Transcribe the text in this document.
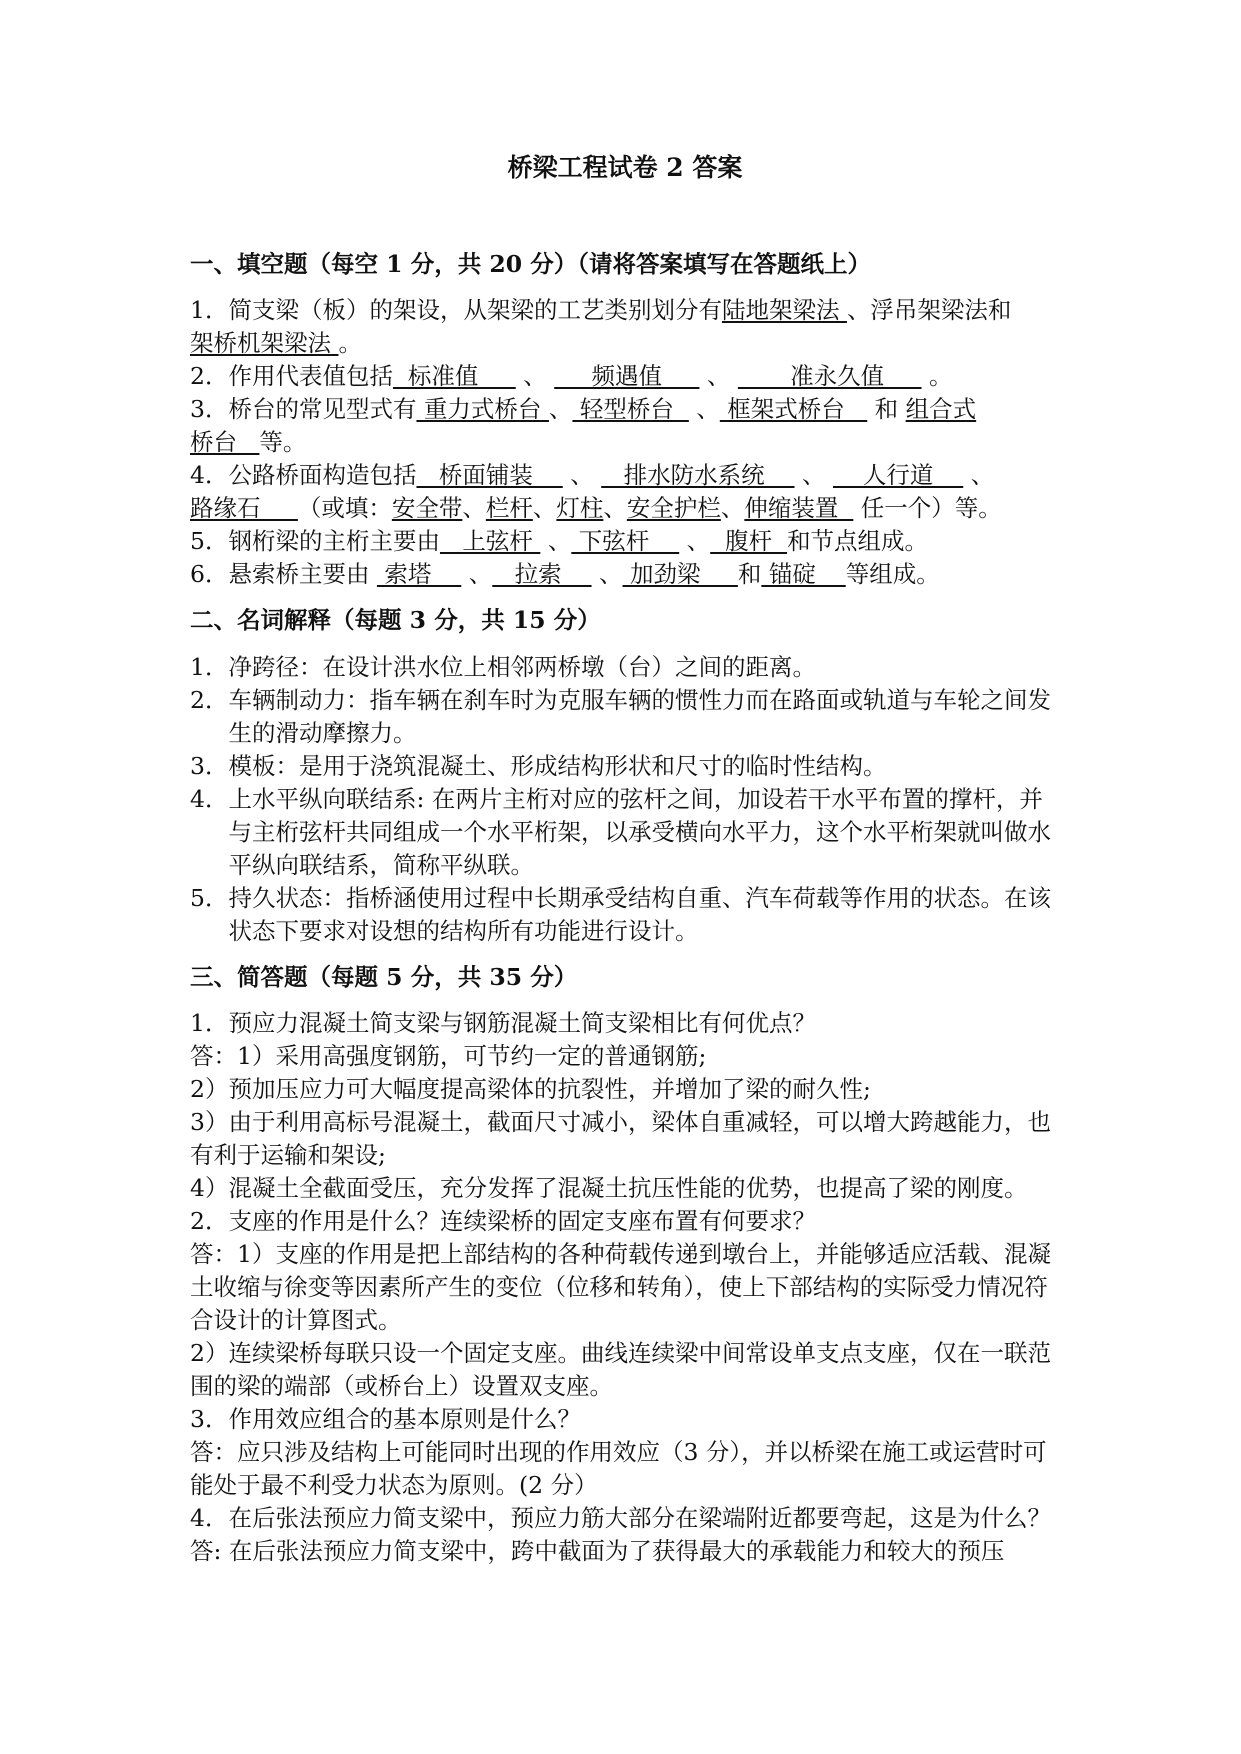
桥梁工程试卷 2 答案
一、填空题（每空 1 分，共 20 分）（请将答案填写在答题纸上）
1．简支梁（板）的架设，从架梁的工艺类别划分有陆地架梁法 、浮吊架梁法和
架桥机架梁法 。
2．作用代表值包括  标准值      、      频遇值      、        准永久值      。
3．桥台的常见型式有 重力式桥台 、 轻型桥台   、 框架式桥台    和 组合式
桥台   等。
4．公路桥面构造包括   桥面铺装     、    排水防水系统     、     人行道     、
路缘石     （或填：安全带、栏杆、灯柱、安全护栏、伸缩装置   任一个）等。
5．钢桁梁的主桁主要由   上弦杆  、 下弦杆     、  腹杆  和节点组成。
6．悬索桥主要由  索塔     、   拉索     、 加劲梁     和 锚碇    等组成。
二、名词解释（每题 3 分，共 15 分）
1． 净跨径：在设计洪水位上相邻两桥墩（台）之间的距离。
2． 车辆制动力：指车辆在刹车时为克服车辆的惯性力而在路面或轨道与车轮之间发生的滑动摩擦力。
3． 模板：是用于浇筑混凝土、形成结构形状和尺寸的临时性结构。
4． 上水平纵向联结系: 在两片主桁对应的弦杆之间，加设若干水平布置的撑杆，并与主桁弦杆共同组成一个水平桁架，以承受横向水平力，这个水平桁架就叫做水平纵向联结系，简称平纵联。
5． 持久状态：指桥涵使用过程中长期承受结构自重、汽车荷载等作用的状态。在该状态下要求对设想的结构所有功能进行设计。
三、简答题（每题 5 分，共 35 分）
1．预应力混凝土简支梁与钢筋混凝土简支梁相比有何优点？
答：1）采用高强度钢筋，可节约一定的普通钢筋;
2）预加压应力可大幅度提高梁体的抗裂性，并增加了梁的耐久性;
3）由于利用高标号混凝土，截面尺寸减小，梁体自重减轻，可以增大跨越能力，也有利于运输和架设;
4）混凝土全截面受压，充分发挥了混凝土抗压性能的优势，也提高了梁的刚度。
2．支座的作用是什么？连续梁桥的固定支座布置有何要求？
答：1）支座的作用是把上部结构的各种荷载传递到墩台上，并能够适应活载、混凝土收缩与徐变等因素所产生的变位（位移和转角），使上下部结构的实际受力情况符合设计的计算图式。
2）连续梁桥每联只设一个固定支座。曲线连续梁中间常设单支点支座，仅在一联范围的梁的端部（或桥台上）设置双支座。
3．作用效应组合的基本原则是什么？
答：应只涉及结构上可能同时出现的作用效应（3 分），并以桥梁在施工或运营时可能处于最不利受力状态为原则。(2 分）
4．在后张法预应力简支梁中，预应力筋大部分在梁端附近都要弯起，这是为什么？
答: 在后张法预应力简支梁中，跨中截面为了获得最大的承载能力和较大的预压
